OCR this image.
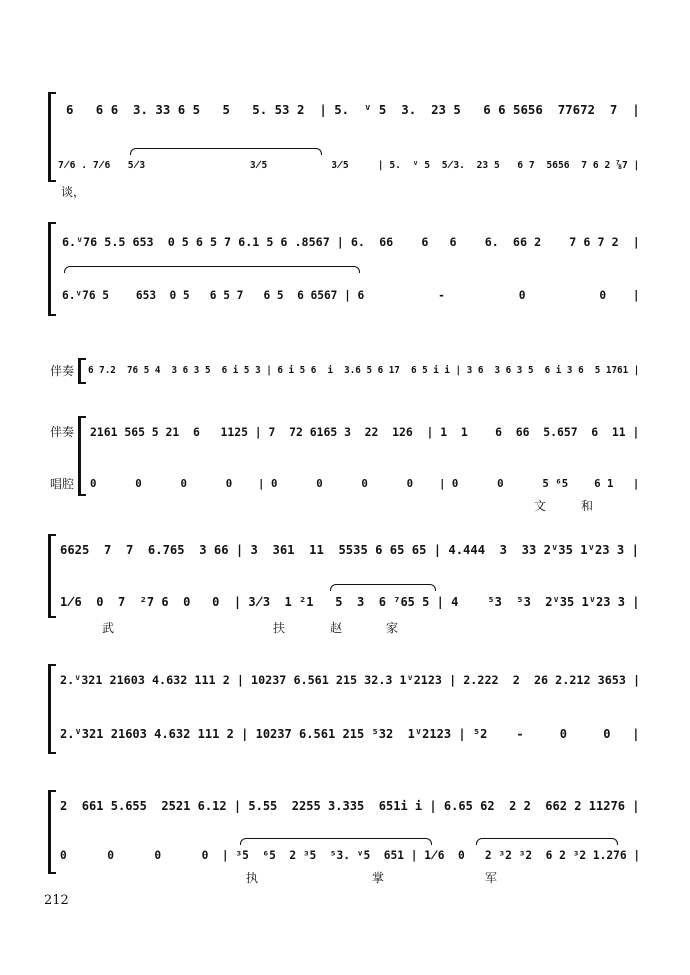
6   6 6  3. 33 6 5   5   5. 53 2  | 5.  ⱽ 5  3.  23 5   6 6 5656  77672  7  |
7̸6 . 7̸6   5̸3                  3̸5           3̸5     | 5.  ⱽ 5  5̸3.  23 5   6 7  5656  7 6 2 ⅞7 |
谈，
6.ⱽ76 5.5 653  0 5 6 5 7 6.1 5 6 .8567 | 6.  66    6   6    6.  66 2    7 6 7 2  |
6.ⱽ76 5    653  0 5   6 5 7   6 5  6 6567 | 6           -           0           0    |
伴奏 6 7.2  76 5 4  3 6 3 5  6 i 5 3 | 6 i 5 6  i  3.6 5 6 17  6 5 i i | 3 6  3 6 3 5  6 i 3 6  5 1761 |
伴奏 2161 565 5 21  6   1125 | 7  72 6165 3  22  126  | 1  1    6  66  5.657  6  11 |
唱腔 0      0      0      0    | 0      0      0      0    | 0      0      5 ⁶5    6 1   |
文	和
6625  7  7  6.765  3 66 | 3  361  11  5535 6 65 65 | 4.444  3  33 2ⱽ35 1ⱽ23 3 |
1̸6  0  7  ²7 6  0   0  | 3̸3  1 ²1   5  3  6 ⁷65 5 | 4    ⁵3  ⁵3  2ⱽ35 1ⱽ23 3 |
武	扶	赵	家
2.ⱽ321 21603 4.632 111 2 | 10237 6.561 215 32.3 1ⱽ2123 | 2.222  2  26 2.212 3653 |
2.ⱽ321 21603 4.632 111 2 | 10237 6.561 215 ⁵32  1ⱽ2123 | ⁵2    -     0     0   |
2  661 5.655  2521 6.12 | 5.55  2255 3.335  651i i | 6.65 62  2 2  662 2 11276 |
0      0      0      0  | ³5  ⁶5  2 ³5  ⁵3. ⱽ5  651 | 1̸6  0   2 ³2 ³2  6 2 ³2 1.276 |
执	掌	军
212
